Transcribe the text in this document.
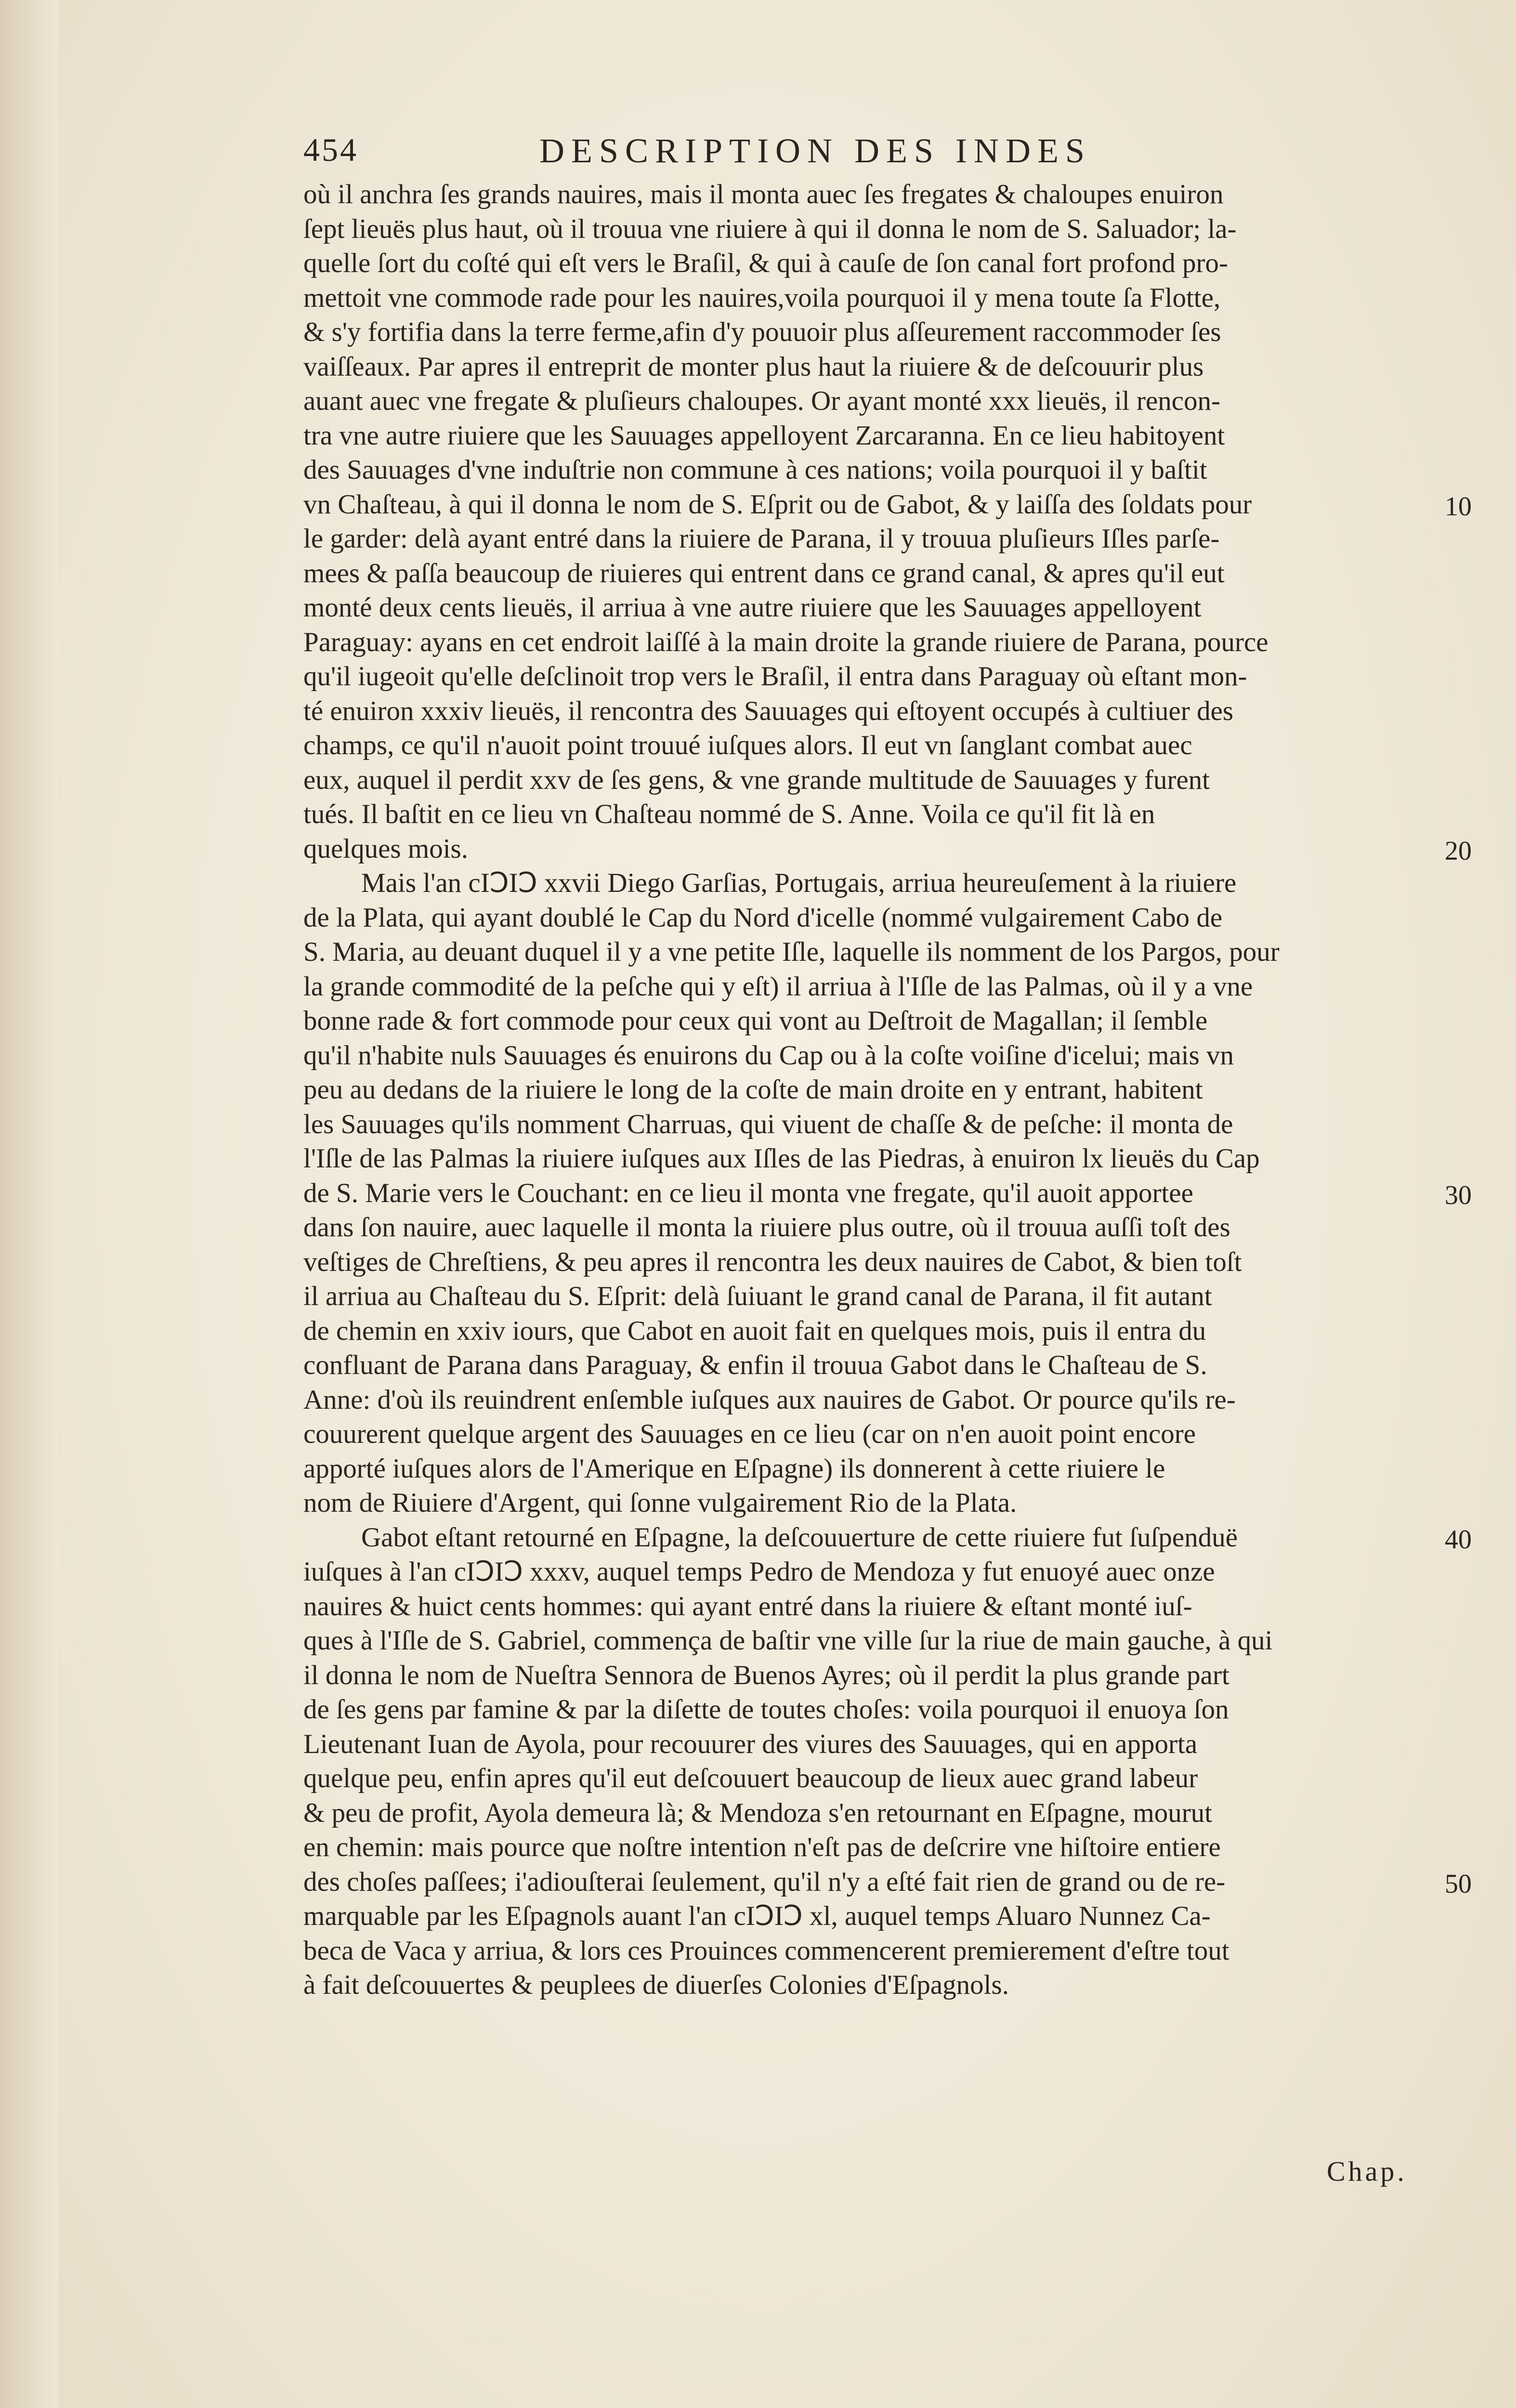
454	DESCRIPTION DES INDES
où il anchra ſes grands nauires, mais il monta auec ſes fregates & chaloupes enuiron
ſept lieuës plus haut, où il trouua vne riuiere à qui il donna le nom de S. Saluador; la-
quelle ſort du coſté qui eſt vers le Braſil, & qui à cauſe de ſon canal fort profond pro-
mettoit vne commode rade pour les nauires,voila pourquoi il y mena toute ſa Flotte,
& s'y fortifia dans la terre ferme,afin d'y pouuoir plus aſſeurement raccommoder ſes
vaiſſeaux. Par apres il entreprit de monter plus haut la riuiere & de deſcouurir plus
auant auec vne fregate & pluſieurs chaloupes. Or ayant monté xxx lieuës, il rencon-
tra vne autre riuiere que les Sauuages appelloyent Zarcaranna. En ce lieu habitoyent
des Sauuages d'vne induſtrie non commune à ces nations; voila pourquoi il y baſtit
vn Chaſteau, à qui il donna le nom de S. Eſprit ou de Gabot, & y laiſſa des ſoldats pour
le garder: delà ayant entré dans la riuiere de Parana, il y trouua pluſieurs Iſles parſe-
mees & paſſa beaucoup de riuieres qui entrent dans ce grand canal, & apres qu'il eut
monté deux cents lieuës, il arriua à vne autre riuiere que les Sauuages appelloyent
Paraguay: ayans en cet endroit laiſſé à la main droite la grande riuiere de Parana, pource
qu'il iugeoit qu'elle deſclinoit trop vers le Braſil, il entra dans Paraguay où eſtant mon-
té enuiron xxxiv lieuës, il rencontra des Sauuages qui eſtoyent occupés à cultiuer des
champs, ce qu'il n'auoit point trouué iuſques alors. Il eut vn ſanglant combat auec
eux, auquel il perdit xxv de ſes gens, & vne grande multitude de Sauuages y furent
tués. Il baſtit en ce lieu vn Chaſteau nommé de S. Anne. Voila ce qu'il fit là en
quelques mois.
Mais l'an cIↃIↃ xxvii Diego Garſias, Portugais, arriua heureuſement à la riuiere
de la Plata, qui ayant doublé le Cap du Nord d'icelle (nommé vulgairement Cabo de
S. Maria, au deuant duquel il y a vne petite Iſle, laquelle ils nomment de los Pargos, pour
la grande commodité de la peſche qui y eſt) il arriua à l'Iſle de las Palmas, où il y a vne
bonne rade & fort commode pour ceux qui vont au Deſtroit de Magallan; il ſemble
qu'il n'habite nuls Sauuages és enuirons du Cap ou à la coſte voiſine d'icelui; mais vn
peu au dedans de la riuiere le long de la coſte de main droite en y entrant, habitent
les Sauuages qu'ils nomment Charruas, qui viuent de chaſſe & de peſche: il monta de
l'Iſle de las Palmas la riuiere iuſques aux Iſles de las Piedras, à enuiron lx lieuës du Cap
de S. Marie vers le Couchant: en ce lieu il monta vne fregate, qu'il auoit apportee
dans ſon nauire, auec laquelle il monta la riuiere plus outre, où il trouua auſſi toſt des
veſtiges de Chreſtiens, & peu apres il rencontra les deux nauires de Cabot, & bien toſt
il arriua au Chaſteau du S. Eſprit: delà ſuiuant le grand canal de Parana, il fit autant
de chemin en xxiv iours, que Cabot en auoit fait en quelques mois, puis il entra du
confluant de Parana dans Paraguay, & enfin il trouua Gabot dans le Chaſteau de S.
Anne: d'où ils reuindrent enſemble iuſques aux nauires de Gabot. Or pource qu'ils re-
couurerent quelque argent des Sauuages en ce lieu (car on n'en auoit point encore
apporté iuſques alors de l'Amerique en Eſpagne) ils donnerent à cette riuiere le
nom de Riuiere d'Argent, qui ſonne vulgairement Rio de la Plata.
Gabot eſtant retourné en Eſpagne, la deſcouuerture de cette riuiere fut ſuſpenduë
iuſques à l'an cIↃIↃ xxxv, auquel temps Pedro de Mendoza y fut enuoyé auec onze
nauires & huict cents hommes: qui ayant entré dans la riuiere & eſtant monté iuſ-
ques à l'Iſle de S. Gabriel, commença de baſtir vne ville ſur la riue de main gauche, à qui
il donna le nom de Nueſtra Sennora de Buenos Ayres; où il perdit la plus grande part
de ſes gens par famine & par la diſette de toutes choſes: voila pourquoi il enuoya ſon
Lieutenant Iuan de Ayola, pour recouurer des viures des Sauuages, qui en apporta
quelque peu, enfin apres qu'il eut deſcouuert beaucoup de lieux auec grand labeur
& peu de profit, Ayola demeura là; & Mendoza s'en retournant en Eſpagne, mourut
en chemin: mais pource que noſtre intention n'eſt pas de deſcrire vne hiſtoire entiere
des choſes paſſees; i'adiouſterai ſeulement, qu'il n'y a eſté fait rien de grand ou de re-
marquable par les Eſpagnols auant l'an cIↃIↃ xl, auquel temps Aluaro Nunnez Ca-
beca de Vaca y arriua, & lors ces Prouinces commencerent premierement d'eſtre tout
à fait deſcouuertes & peuplees de diuerſes Colonies d'Eſpagnols.
10
20
30
40
50
Chap.
